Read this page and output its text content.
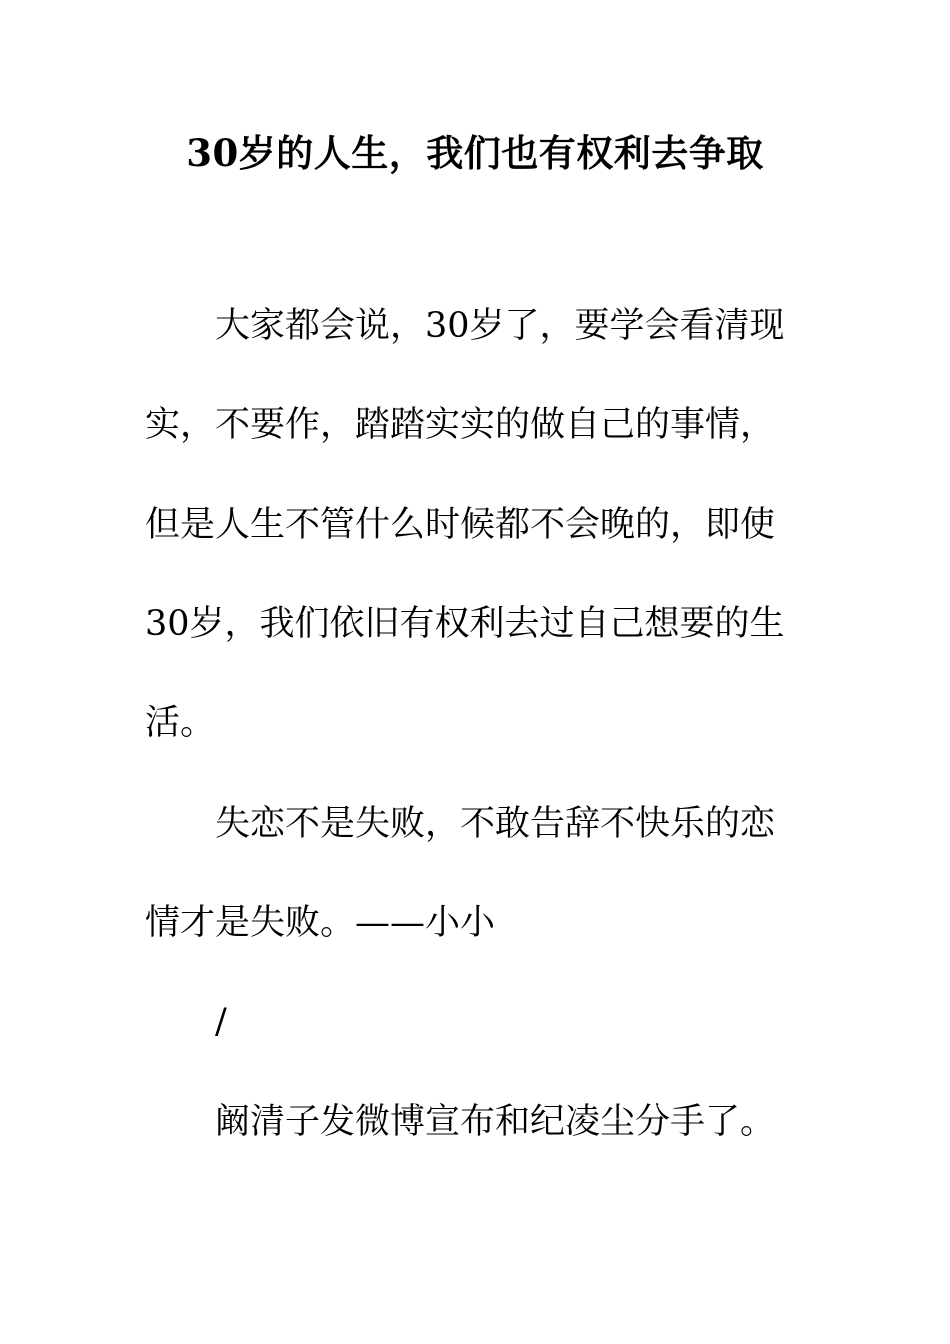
30岁的人生，我们也有权利去争取
大家都会说，30岁了，要学会看清现
实，不要作，踏踏实实的做自己的事情，
但是人生不管什么时候都不会晚的，即使
30岁，我们依旧有权利去过自己想要的生
活。
失恋不是失败，不敢告辞不快乐的恋
情才是失败。——小小
/
阚清子发微博宣布和纪凌尘分手了。
